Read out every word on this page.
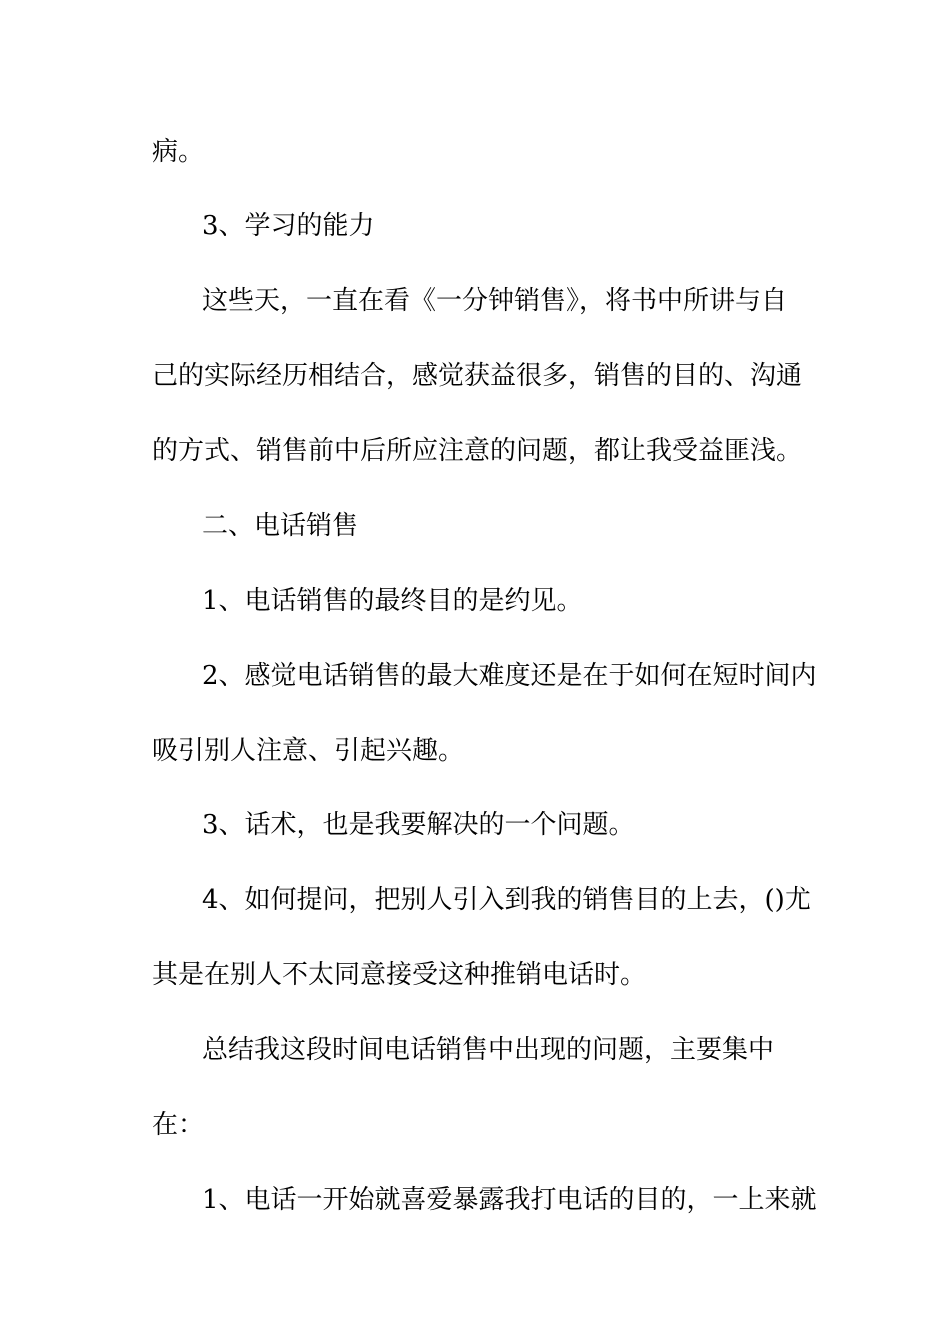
病。
3、学习的能力
这些天，一直在看《一分钟销售》，将书中所讲与自
己的实际经历相结合，感觉获益很多，销售的目的、沟通
的方式、销售前中后所应注意的问题，都让我受益匪浅。
二、电话销售
1、电话销售的最终目的是约见。
2、感觉电话销售的最大难度还是在于如何在短时间内
吸引别人注意、引起兴趣。
3、话术，也是我要解决的一个问题。
4、如何提问，把别人引入到我的销售目的上去，()尤
其是在别人不太同意接受这种推销电话时。
总结我这段时间电话销售中出现的问题，主要集中
在：
1、电话一开始就喜爱暴露我打电话的目的，一上来就
